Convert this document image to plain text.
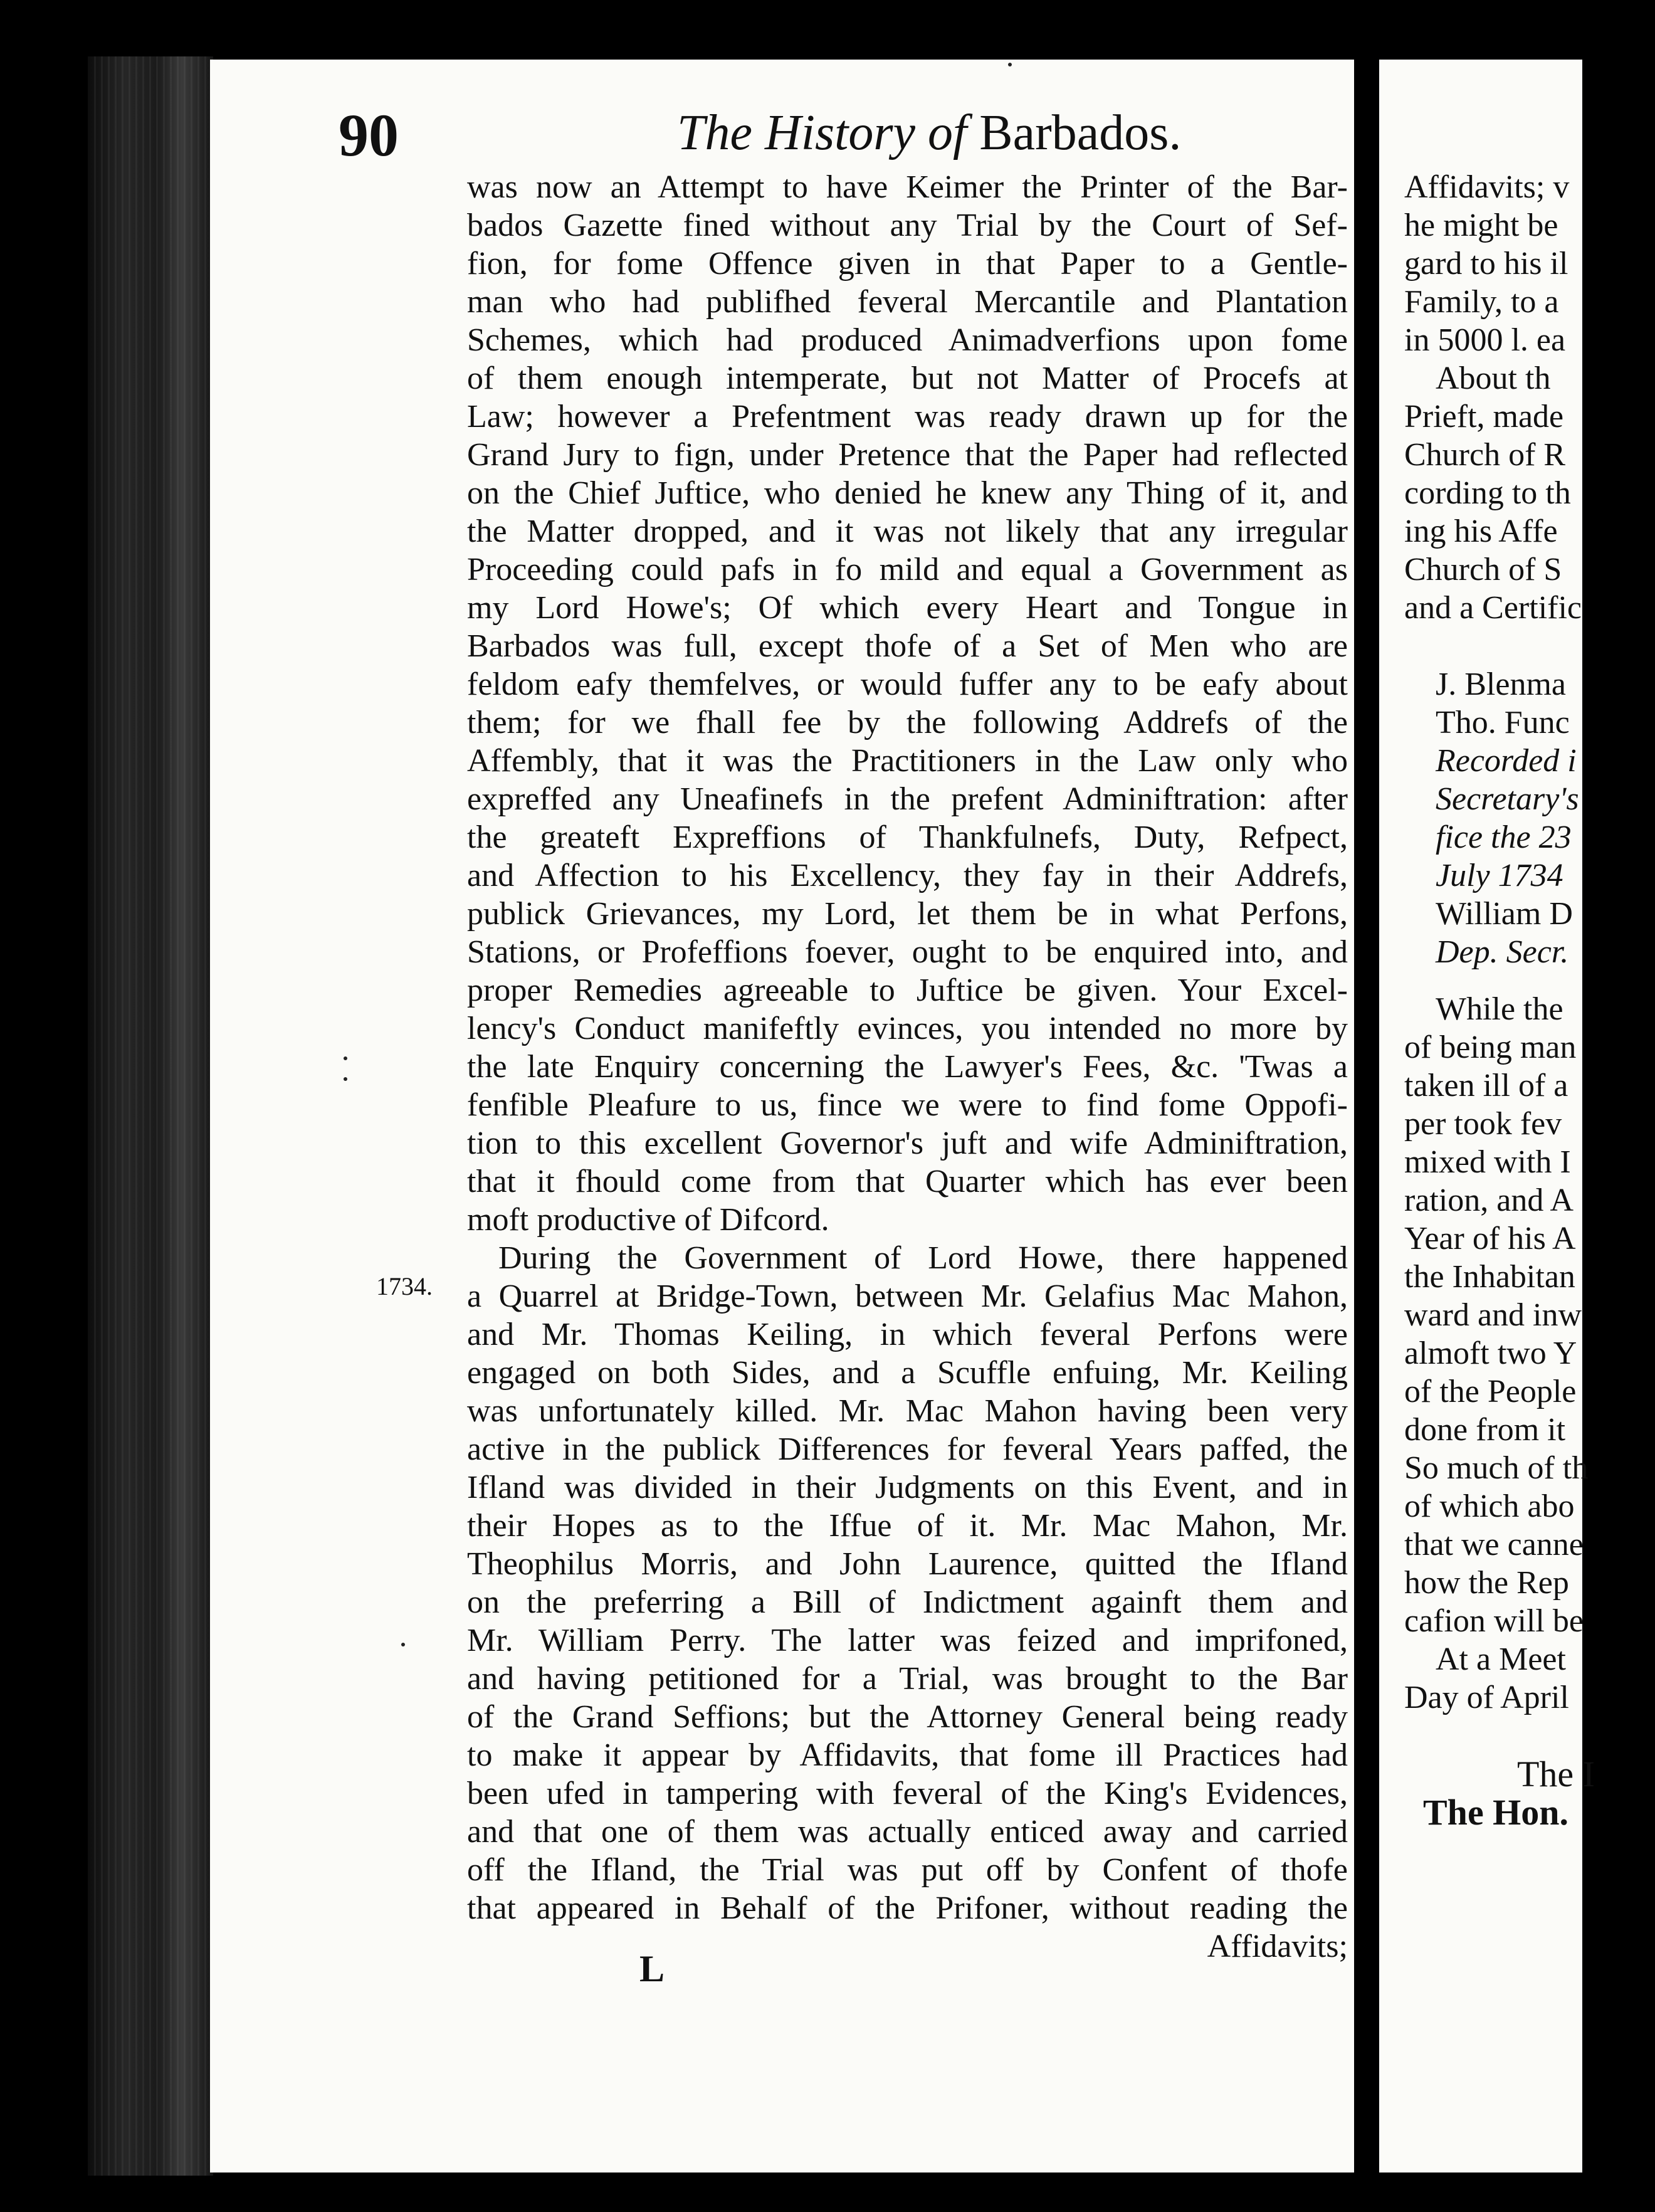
90	The History of Barbados.
1734.
was now an Attempt to have Keimer the Printer of the Bar-
bados Gazette fined without any Trial by the Court of Sef-
fion, for fome Offence given in that Paper to a Gentle-
man who had publifhed feveral Mercantile and Plantation
Schemes, which had produced Animadverfions upon fome
of them enough intemperate, but not Matter of Procefs at
Law; however a Prefentment was ready drawn up for the
Grand Jury to fign, under Pretence that the Paper had reflected
on the Chief Juftice, who denied he knew any Thing of it, and
the Matter dropped, and it was not likely that any irregular
Proceeding could pafs in fo mild and equal a Government as
my Lord Howe's; Of which every Heart and Tongue in
Barbados was full, except thofe of a Set of Men who are
feldom eafy themfelves, or would fuffer any to be eafy about
them; for we fhall fee by the following Addrefs of the
Affembly, that it was the Practitioners in the Law only who
expreffed any Uneafinefs in the prefent Adminiftration: after
the greateft Expreffions of Thankfulnefs, Duty, Refpect,
and Affection to his Excellency, they fay in their Addrefs,
publick Grievances, my Lord, let them be in what Perfons,
Stations, or Profeffions foever, ought to be enquired into, and
proper Remedies agreeable to Juftice be given. Your Excel-
lency's Conduct manifeftly evinces, you intended no more by
the late Enquiry concerning the Lawyer's Fees, &c. 'Twas a
fenfible Pleafure to us, fince we were to find fome Oppofi-
tion to this excellent Governor's juft and wife Adminiftration,
that it fhould come from that Quarter which has ever been
moft productive of Difcord.
During the Government of Lord Howe, there happened
a Quarrel at Bridge-Town, between Mr. Gelafius Mac Mahon,
and Mr. Thomas Keiling, in which feveral Perfons were
engaged on both Sides, and a Scuffle enfuing, Mr. Keiling
was unfortunately killed. Mr. Mac Mahon having been very
active in the publick Differences for feveral Years paffed, the
Ifland was divided in their Judgments on this Event, and in
their Hopes as to the Iffue of it. Mr. Mac Mahon, Mr.
Theophilus Morris, and John Laurence, quitted the Ifland
on the preferring a Bill of Indictment againft them and
Mr. William Perry. The latter was feized and imprifoned,
and having petitioned for a Trial, was brought to the Bar
of the Grand Seffions; but the Attorney General being ready
to make it appear by Affidavits, that fome ill Practices had
been ufed in tampering with feveral of the King's Evidences,
and that one of them was actually enticed away and carried
off the Ifland, the Trial was put off by Confent of thofe
that appeared in Behalf of the Prifoner, without reading the
Affidavits;
L
Affidavits; v
he might be
gard to his il
Family, to a
in 5000 l. ea
About th
Prieft, made
Church of R
cording to th
ing his Affe
Church of S
and a Certific
J. Blenma
Tho. Func
Recorded i
Secretary's
fice the 23
July 1734
William D
Dep. Secr.
While the
of being man
taken ill of a
per took fev
mixed with I
ration, and A
Year of his A
the Inhabitan
ward and inw
almoft two Y
of the People
done from it
So much of th
of which abo
that we canne
how the Rep
cafion will be
At a Meet
Day of April
The I
The Hon.
